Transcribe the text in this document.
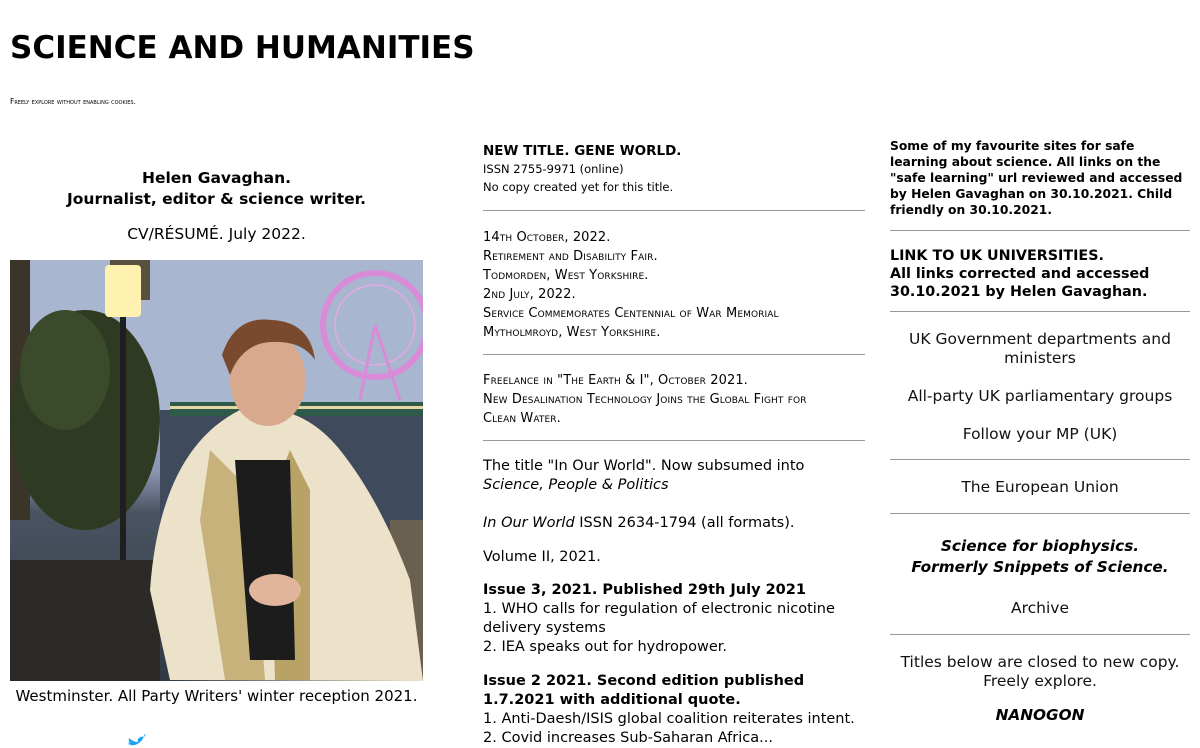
SCIENCE AND HUMANITIES

Freely explore without enabling cookies.

Helen Gavaghan.
Journalist, editor & science writer.
CV/RÉSUMÉ. July 2022.
Westminster. All Party Writers' winter reception 2021.
NEW TITLE. GENE WORLD.
ISSN 2755-9971 (online)
No copy created yet for this title.
14th October, 2022.
Retirement and Disability Fair.
Todmorden, West Yorkshire.
2nd July, 2022.
Service Commemorates Centennial of War Memorial
Mytholmroyd, West Yorkshire.
Freelance in "The Earth & I", October 2021.
New Desalination Technology Joins the Global Fight for
Clean Water.
The title "In Our World". Now subsumed into Science, People & Politics
In Our World ISSN 2634-1794 (all formats).
Volume II, 2021.
Issue 3, 2021. Published 29th July 2021
1. WHO calls for regulation of electronic nicotine delivery systems
2. IEA speaks out for hydropower.
Issue 2 2021. Second edition published 1.7.2021 with additional quote.
1. Anti-Daesh/ISIS global coalition reiterates intent.
2. Covid increases Sub-Saharan Africa...
Some of my favourite sites for safe learning about science. All links on the "safe learning" url reviewed and accessed by Helen Gavaghan on 30.10.2021. Child friendly on 30.10.2021.
LINK TO UK UNIVERSITIES.
All links corrected and accessed 30.10.2021 by Helen Gavaghan.
UK Government departments and ministers
All-party UK parliamentary groups
Follow your MP (UK)
The European Union
Science for biophysics.
Formerly Snippets of Science.
Archive
Titles below are closed to new copy. Freely explore.
NANOGON
